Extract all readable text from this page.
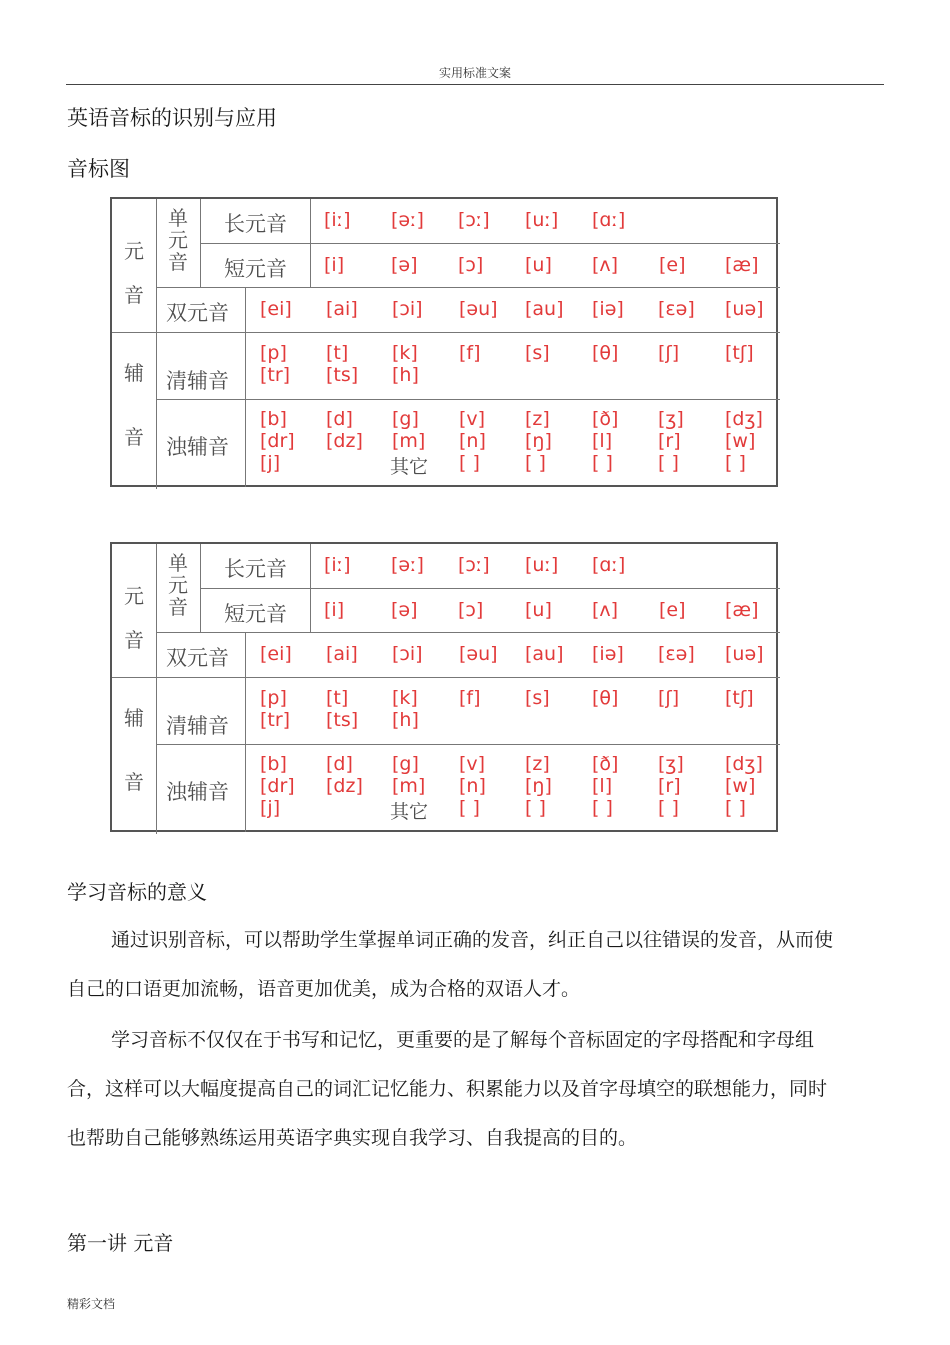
实用标准文案
英语音标的识别与应用
音标图
元
音
单
元
音
辅
音
长元音
短元音
双元音
清辅音
浊辅音
[iː] [əː] [ɔː] [uː] [ɑː]
[i] [ə] [ɔ] [u] [ʌ] [e] [æ]
[ei] [ai] [ɔi] [əu] [au] [iə] [ɛə] [uə]
[p]
[tr]
[t]
[ts]
[k]
[h]
[f] [s] [θ] [ʃ] [tʃ]
[b]
[dr]
[j]
[d]
[dz]
[g]
[m]
[v]
[n]
[ ]
[z]
[ŋ]
[ ]
[ð]
[l]
[ ]
[ʒ]
[r]
[ ]
[dʒ]
[w]
[ ]
其它
元
音
单
元
音
辅
音
长元音
短元音
双元音
清辅音
浊辅音
[iː] [əː] [ɔː] [uː] [ɑː]
[i] [ə] [ɔ] [u] [ʌ] [e] [æ]
[ei] [ai] [ɔi] [əu] [au] [iə] [ɛə] [uə]
[p]
[tr]
[t]
[ts]
[k]
[h]
[f] [s] [θ] [ʃ] [tʃ]
[b]
[dr]
[j]
[d]
[dz]
[g]
[m]
[v]
[n]
[ ]
[z]
[ŋ]
[ ]
[ð]
[l]
[ ]
[ʒ]
[r]
[ ]
[dʒ]
[w]
[ ]
其它
学习音标的意义

通过识别音标，可以帮助学生掌握单词正确的发音，纠正自己以往错误的发音，从而使自己的口语更加流畅，语音更加优美，成为合格的双语人才。

学习音标不仅仅在于书写和记忆，更重要的是了解每个音标固定的字母搭配和字母组合，这样可以大幅度提高自己的词汇记忆能力、积累能力以及首字母填空的联想能力，同时也帮助自己能够熟练运用英语字典实现自我学习、自我提高的目的。

第一讲 元音
精彩文档
